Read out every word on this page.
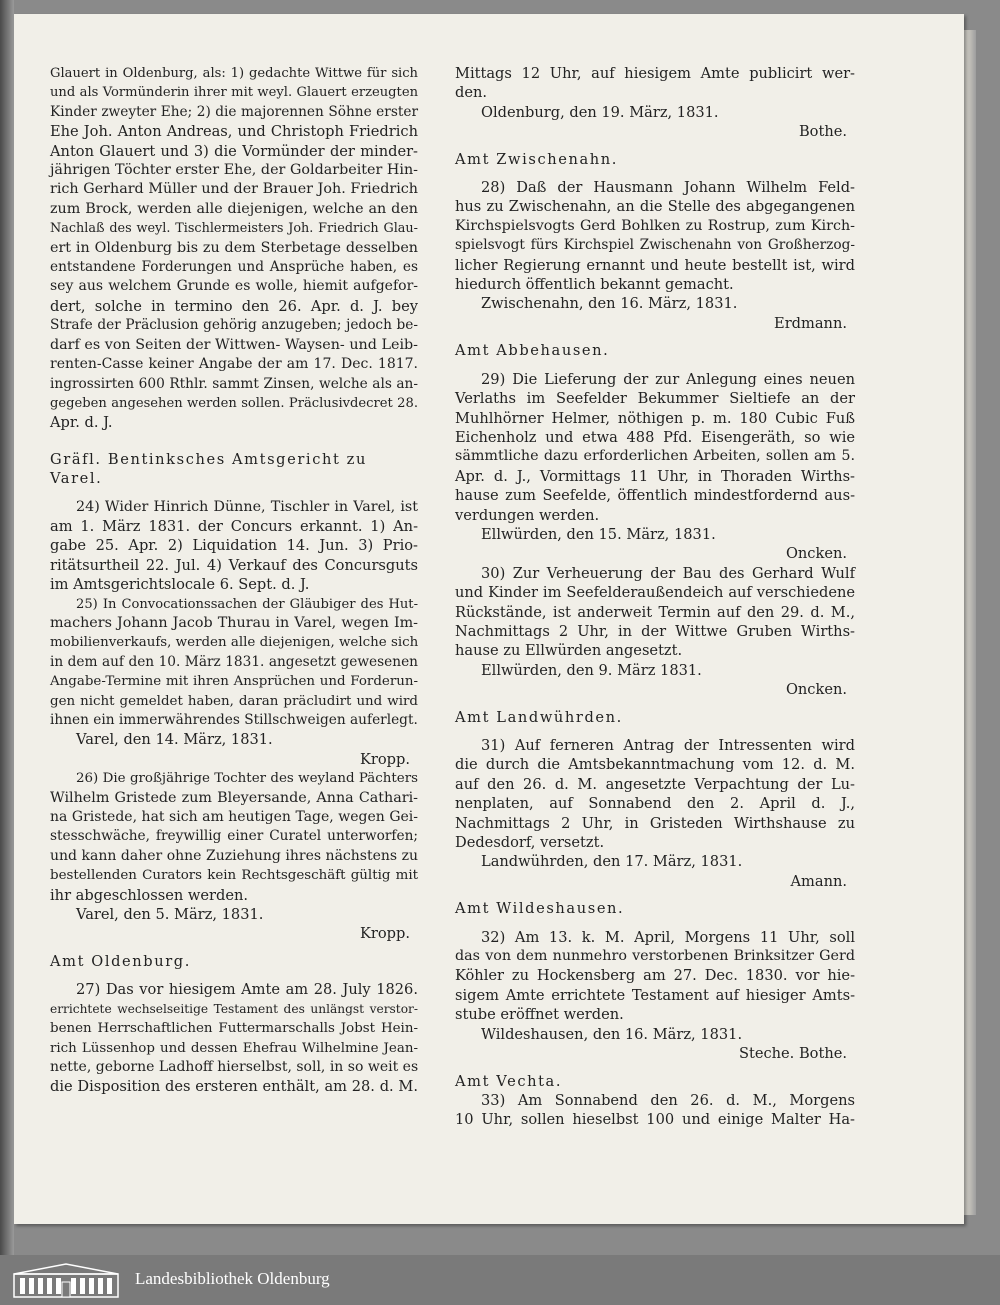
Glauert in Oldenburg, als: 1) gedachte Wittwe für sich
und als Vormünderin ihrer mit weyl. Glauert erzeugten
Kinder zweyter Ehe; 2) die majorennen Söhne erster
Ehe Joh. Anton Andreas, und Christoph Friedrich
Anton Glauert und 3) die Vormünder der minder-
jährigen Töchter erster Ehe, der Goldarbeiter Hin-
rich Gerhard Müller und der Brauer Joh. Friedrich
zum Brock, werden alle diejenigen, welche an den
Nachlaß des weyl. Tischlermeisters Joh. Friedrich Glau-
ert in Oldenburg bis zu dem Sterbetage desselben
entstandene Forderungen und Ansprüche haben, es
sey aus welchem Grunde es wolle, hiemit aufgefor-
dert, solche in termino den 26. Apr. d. J. bey
Strafe der Präclusion gehörig anzugeben; jedoch be-
darf es von Seiten der Wittwen- Waysen- und Leib-
renten-Casse keiner Angabe der am 17. Dec. 1817.
ingrossirten 600 Rthlr. sammt Zinsen, welche als an-
gegeben angesehen werden sollen. Präclusivdecret 28.
Apr. d. J.
Gräfl. Bentinksches Amtsgericht zu Varel.
24) Wider Hinrich Dünne, Tischler in Varel, ist
am 1. März 1831. der Concurs erkannt. 1) An-
gabe 25. Apr. 2) Liquidation 14. Jun. 3) Prio-
ritätsurtheil 22. Jul. 4) Verkauf des Concursguts
im Amtsgerichtslocale 6. Sept. d. J.
25) In Convocationssachen der Gläubiger des Hut-
machers Johann Jacob Thurau in Varel, wegen Im-
mobilienverkaufs, werden alle diejenigen, welche sich
in dem auf den 10. März 1831. angesetzt gewesenen
Angabe-Termine mit ihren Ansprüchen und Forderun-
gen nicht gemeldet haben, daran präcludirt und wird
ihnen ein immerwährendes Stillschweigen auferlegt.
Varel, den 14. März, 1831.
Kropp.
26) Die großjährige Tochter des weyland Pächters
Wilhelm Gristede zum Bleyersande, Anna Cathari-
na Gristede, hat sich am heutigen Tage, wegen Gei-
stesschwäche, freywillig einer Curatel unterworfen;
und kann daher ohne Zuziehung ihres nächstens zu
bestellenden Curators kein Rechtsgeschäft gültig mit
ihr abgeschlossen werden.
Varel, den 5. März, 1831.
Kropp.
Amt Oldenburg.
27) Das vor hiesigem Amte am 28. July 1826.
errichtete wechselseitige Testament des unlängst verstor-
benen Herrschaftlichen Futtermarschalls Jobst Hein-
rich Lüssenhop und dessen Ehefrau Wilhelmine Jean-
nette, geborne Ladhoff hierselbst, soll, in so weit es
die Disposition des ersteren enthält, am 28. d. M.
Mittags 12 Uhr, auf hiesigem Amte publicirt wer-
den.
Oldenburg, den 19. März, 1831.
Bothe.
Amt Zwischenahn.
28) Daß der Hausmann Johann Wilhelm Feld-
hus zu Zwischenahn, an die Stelle des abgegangenen
Kirchspielsvogts Gerd Bohlken zu Rostrup, zum Kirch-
spielsvogt fürs Kirchspiel Zwischenahn von Großherzog-
licher Regierung ernannt und heute bestellt ist, wird
hiedurch öffentlich bekannt gemacht.
Zwischenahn, den 16. März, 1831.
Erdmann.
Amt Abbehausen.
29) Die Lieferung der zur Anlegung eines neuen
Verlaths im Seefelder Bekummer Sieltiefe an der
Muhlhörner Helmer, nöthigen p. m. 180 Cubic Fuß
Eichenholz und etwa 488 Pfd. Eisengeräth, so wie
sämmtliche dazu erforderlichen Arbeiten, sollen am 5.
Apr. d. J., Vormittags 11 Uhr, in Thoraden Wirths-
hause zum Seefelde, öffentlich mindestfordernd aus-
verdungen werden.
Ellwürden, den 15. März, 1831.
Oncken.
30) Zur Verheuerung der Bau des Gerhard Wulf
und Kinder im Seefelderaußendeich auf verschiedene
Rückstände, ist anderweit Termin auf den 29. d. M.,
Nachmittags 2 Uhr, in der Wittwe Gruben Wirths-
hause zu Ellwürden angesetzt.
Ellwürden, den 9. März 1831.
Oncken.
Amt Landwührden.
31) Auf ferneren Antrag der Intressenten wird
die durch die Amtsbekanntmachung vom 12. d. M.
auf den 26. d. M. angesetzte Verpachtung der Lu-
nenplaten, auf Sonnabend den 2. April d. J.,
Nachmittags 2 Uhr, in Gristeden Wirthshause zu
Dedesdorf, versetzt.
Landwührden, den 17. März, 1831.
Amann.
Amt Wildeshausen.
32) Am 13. k. M. April, Morgens 11 Uhr, soll
das von dem nunmehro verstorbenen Brinksitzer Gerd
Köhler zu Hockensberg am 27. Dec. 1830. vor hie-
sigem Amte errichtete Testament auf hiesiger Amts-
stube eröffnet werden.
Wildeshausen, den 16. März, 1831.
Steche. Bothe.
Amt Vechta.
33) Am Sonnabend den 26. d. M., Morgens
10 Uhr, sollen hieselbst 100 und einige Malter Ha-
Landesbibliothek Oldenburg
